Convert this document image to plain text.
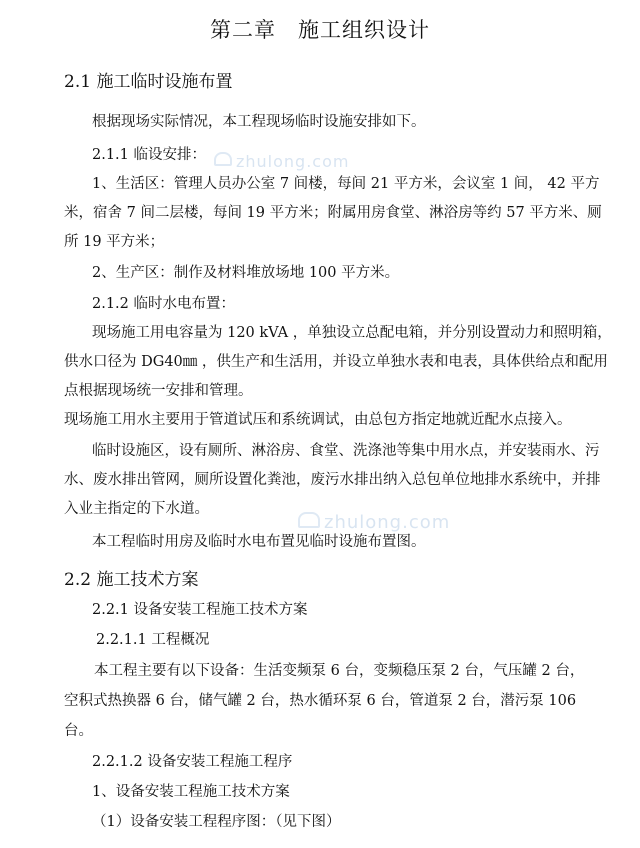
zhulong.com
zhulong.com
第二章　施工组织设计
2.1 施工临时设施布置

根据现场实际情况，本工程现场临时设施安排如下。

2.1.1 临设安排：

1、生活区：管理人员办公室 7 间楼，每间 21 平方米，会议室 1 间， 42 平方

米，宿舍 7 间二层楼，每间 19 平方米；附属用房食堂、淋浴房等约 57 平方米、厕

所 19 平方米；

2、生产区：制作及材料堆放场地 100 平方米。

2.1.2 临时水电布置：

现场施工用电容量为 120 kVA ，单独设立总配电箱，并分别设置动力和照明箱，

供水口径为 DG40㎜ ，供生产和生活用，并设立单独水表和电表，具体供给点和配用

点根据现场统一安排和管理。

现场施工用水主要用于管道试压和系统调试，由总包方指定地就近配水点接入。

临时设施区，设有厕所、淋浴房、食堂、洗涤池等集中用水点，并安装雨水、污

水、废水排出管网，厕所设置化粪池，废污水排出纳入总包单位地排水系统中，并排

入业主指定的下水道。

本工程临时用房及临时水电布置见临时设施布置图。

2.2 施工技术方案

2.2.1 设备安装工程施工技术方案

2.2.1.1 工程概况

本工程主要有以下设备：生活变频泵 6 台，变频稳压泵 2 台，气压罐 2 台，

空积式热换器 6 台，储气罐 2 台，热水循环泵 6 台，管道泵 2 台，潜污泵 106

台。

2.2.1.2 设备安装工程施工程序

1、设备安装工程施工技术方案

（1）设备安装工程程序图：（见下图）
